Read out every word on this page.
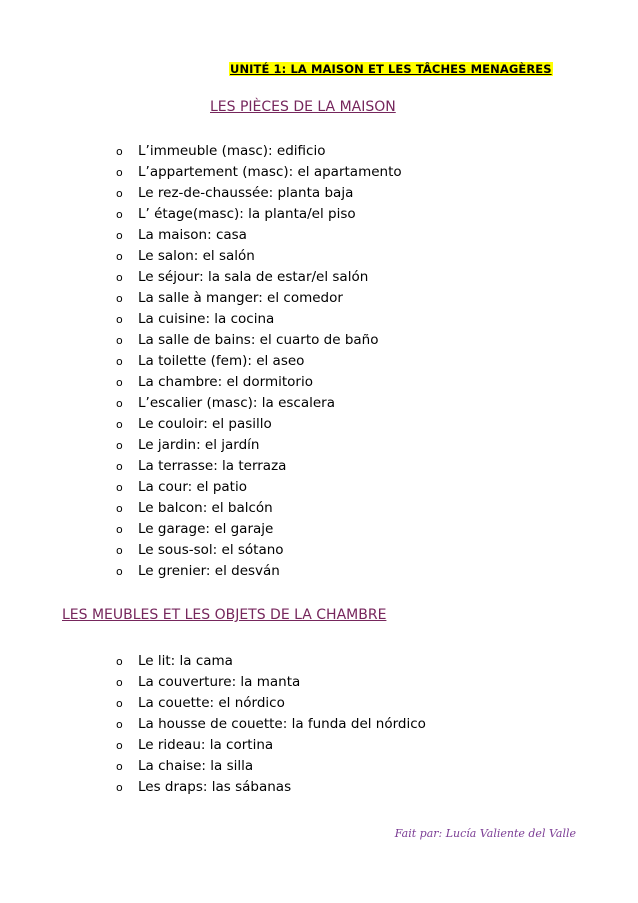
UNITÉ 1: LA MAISON ET LES TÂCHES MENAGÈRES
LES PIÈCES DE LA MAISON
o L’immeuble (masc): edificio
o L’appartement (masc): el apartamento
o Le rez-de-chaussée: planta baja
o L’ étage(masc): la planta/el piso
o La maison: casa
o Le salon: el salón
o Le séjour: la sala de estar/el salón
o La salle à manger: el comedor
o La cuisine: la cocina
o La salle de bains: el cuarto de baño
o La toilette (fem): el aseo
o La chambre: el dormitorio
o L’escalier (masc): la escalera
o Le couloir: el pasillo
o Le jardin: el jardín
o La terrasse: la terraza
o La cour: el patio
o Le balcon: el balcón
o Le garage: el garaje
o Le sous-sol: el sótano
o Le grenier: el desván
LES MEUBLES ET LES OBJETS DE LA CHAMBRE
o Le lit: la cama
o La couverture: la manta
o La couette: el nórdico
o La housse de couette: la funda del nórdico
o Le rideau: la cortina
o La chaise: la silla
o Les draps: las sábanas
Fait par: Lucía Valiente del Valle
